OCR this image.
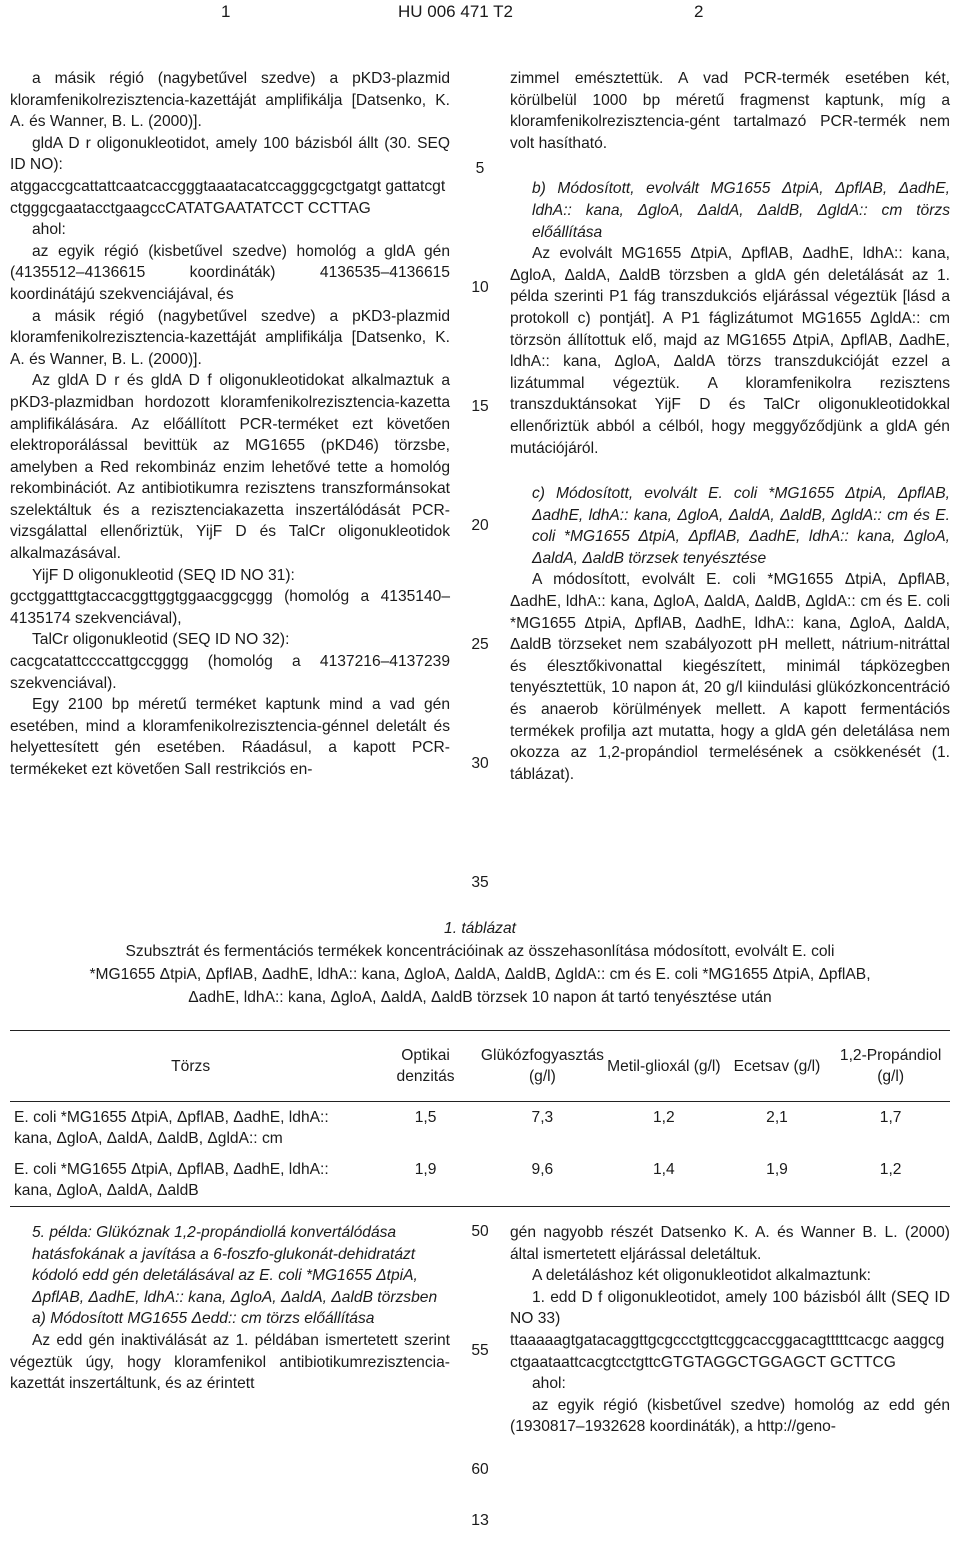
1	HU 006 471 T2	2

a másik régió (nagybetűvel szedve) a pKD3-plazmid kloramfenikolrezisztencia-kazettáját amplifikálja [Datsenko, K. A. és Wanner, B. L. (2000)].

gldA D r oligonukleotidot, amely 100 bázisból állt (30. SEQ ID NO):

atggaccgcattattcaatcaccgggtaaatacatccagggcgctgatgt gattatcgtctgggcgaatacctgaagccCATATGAATATCCT CCTTAG

ahol:

az egyik régió (kisbetűvel szedve) homológ a gldA gén (4135512–4136615 koordináták) 4136535–4136615 koordinátájú szekvenciájával, és

a másik régió (nagybetűvel szedve) a pKD3-plazmid kloramfenikolrezisztencia-kazettáját amplifikálja [Datsenko, K. A. és Wanner, B. L. (2000)].

Az gldA D r és gldA D f oligonukleotidokat alkalmaztuk a pKD3-plazmidban hordozott kloramfenikolrezisztencia-kazetta amplifikálására. Az előállított PCR-terméket ezt követően elektroporálással bevittük az MG1655 (pKD46) törzsbe, amelyben a Red rekombináz enzim lehetővé tette a homológ rekombinációt. Az antibiotikumra rezisztens transzformánsokat szelektáltuk és a rezisztenciakazetta inszertálódását PCR-vizsgálattal ellenőriztük, YijF D és TalCr oligonukleotidok alkalmazásával.

YijF D oligonukleotid (SEQ ID NO 31):

gcctggatttgtaccacggttggtggaacggcggg (homológ a 4135140–4135174 szekvenciával),

TalCr oligonukleotid (SEQ ID NO 32):

cacgcatattccccattgccgggg (homológ a 4137216–4137239 szekvenciával).

Egy 2100 bp méretű terméket kaptunk mind a vad gén esetében, mind a kloramfenikolrezisztencia-génnel deletált és helyettesített gén esetében. Ráadásul, a kapott PCR-termékeket ezt követően SalI restrikciós en-

5
10
15
20
25
30
35

zimmel emésztettük. A vad PCR-termék esetében két, körülbelül 1000 bp méretű fragmenst kaptunk, míg a kloramfenikolrezisztencia-gént tartalmazó PCR-termék nem volt hasítható.

b) Módosított, evolvált MG1655 ΔtpiA, ΔpflAB, ΔadhE, ldhA:: kana, ΔgloA, ΔaldA, ΔaldB, ΔgldA:: cm törzs előállítása

Az evolvált MG1655 ΔtpiA, ΔpflAB, ΔadhE, ldhA:: kana, ΔgloA, ΔaldA, ΔaldB törzsben a gldA gén deletálását az 1. példa szerinti P1 fág transzdukciós eljárással végeztük [lásd a protokoll c) pontját]. A P1 fáglizátumot MG1655 ΔgldA:: cm törzsön állítottuk elő, majd az MG1655 ΔtpiA, ΔpflAB, ΔadhE, ldhA:: kana, ΔgloA, ΔaldA törzs transzdukcióját ezzel a lizátummal végeztük. A kloramfenikolra rezisztens transzduktánsokat YijF D és TalCr oligonukleotidokkal ellenőriztük abból a célból, hogy meggyőződjünk a gldA gén mutációjáról.

c) Módosított, evolvált E. coli *MG1655 ΔtpiA, ΔpflAB, ΔadhE, ldhA:: kana, ΔgloA, ΔaldA, ΔaldB, ΔgldA:: cm és E. coli *MG1655 ΔtpiA, ΔpflAB, ΔadhE, ldhA:: kana, ΔgloA, ΔaldA, ΔaldB törzsek tenyésztése

A módosított, evolvált E. coli *MG1655 ΔtpiA, ΔpflAB, ΔadhE, ldhA:: kana, ΔgloA, ΔaldA, ΔaldB, ΔgldA:: cm és E. coli *MG1655 ΔtpiA, ΔpflAB, ΔadhE, ldhA:: kana, ΔgloA, ΔaldA, ΔaldB törzseket nem szabályozott pH mellett, nátrium-nitráttal és élesztőkivonattal kiegészített, minimál tápközegben tenyésztettük, 10 napon át, 20 g/l kiindulási glükózkoncentráció és anaerob körülmények mellett. A kapott fermentációs termékek profilja azt mutatta, hogy a gldA gén deletálása nem okozza az 1,2-propándiol termelésének a csökkenését (1. táblázat).

1. táblázat
Szubsztrát és fermentációs termékek koncentrációinak az összehasonlítása módosított, evolvált E. coli
*MG1655 ΔtpiA, ΔpflAB, ΔadhE, ldhA:: kana, ΔgloA, ΔaldA, ΔaldB, ΔgldA:: cm és E. coli *MG1655 ΔtpiA, ΔpflAB,
ΔadhE, ldhA:: kana, ΔgloA, ΔaldA, ΔaldB törzsek 10 napon át tartó tenyésztése után
Törzs	Optikai denzitás	Glükózfogyasztás (g/l)	Metil-glioxál (g/l)	Ecetsav (g/l)	1,2-Propándiol (g/l)
E. coli *MG1655 ΔtpiA, ΔpflAB, ΔadhE, ldhA:: kana, ΔgloA, ΔaldA, ΔaldB, ΔgldA:: cm	1,5	7,3	1,2	2,1	1,7
E. coli *MG1655 ΔtpiA, ΔpflAB, ΔadhE, ldhA:: kana, ΔgloA, ΔaldA, ΔaldB	1,9	9,6	1,4	1,9	1,2

5. példa: Glükóznak 1,2-propándiollá konvertálódása hatásfokának a javítása a 6-foszfo-glukonát-dehidratázt kódoló edd gén deletálásával az E. coli *MG1655 ΔtpiA, ΔpflAB, ΔadhE, ldhA:: kana, ΔgloA, ΔaldA, ΔaldB törzsben

a) Módosított MG1655 Δedd:: cm törzs előállítása

Az edd gén inaktiválását az 1. példában ismertetett szerint végeztük úgy, hogy kloramfenikol antibiotikumrezisztencia-kazettát inszertáltunk, és az érintett

50
55
60

gén nagyobb részét Datsenko K. A. és Wanner B. L. (2000) által ismertetett eljárással deletáltuk.

A deletáláshoz két oligonukleotidot alkalmaztunk:

1. edd D f oligonukleotidot, amely 100 bázisból állt (SEQ ID NO 33)

ttaaaaagtgatacaggttgcgccctgttcggcaccggacagtttttcacgc aaggcgctgaataattcacgtcctgttcGTGTAGGCTGGAGCT GCTTCG

ahol:

az egyik régió (kisbetűvel szedve) homológ az edd gén (1930817–1932628 koordináták), a http://geno-

13
